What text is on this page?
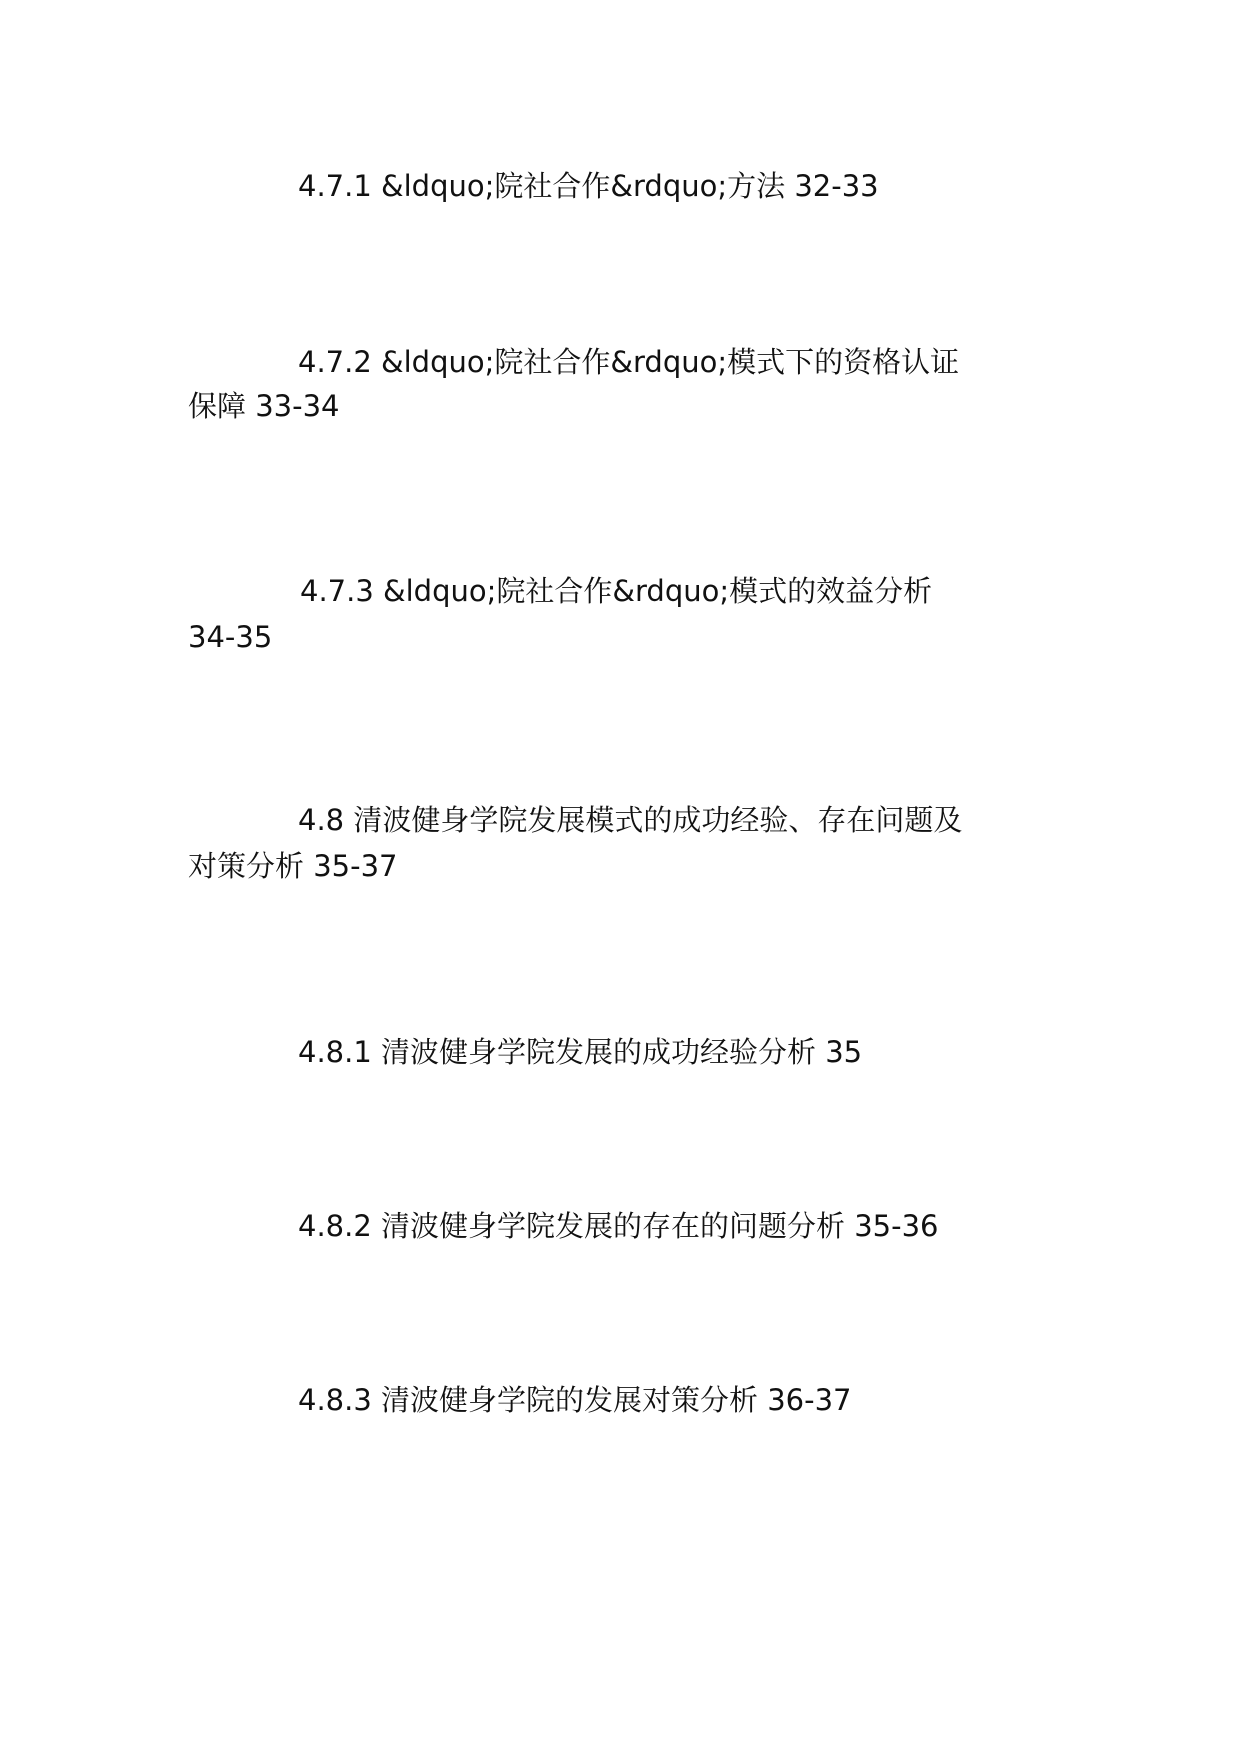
4.7.1 &ldquo;院社合作&rdquo;方法 32-33
4.7.2 &ldquo;院社合作&rdquo;模式下的资格认证
保障 33-34
4.7.3 &ldquo;院社合作&rdquo;模式的效益分析
34-35
4.8 清波健身学院发展模式的成功经验、存在问题及
对策分析 35-37
4.8.1 清波健身学院发展的成功经验分析 35
4.8.2 清波健身学院发展的存在的问题分析 35-36
4.8.3 清波健身学院的发展对策分析 36-37
